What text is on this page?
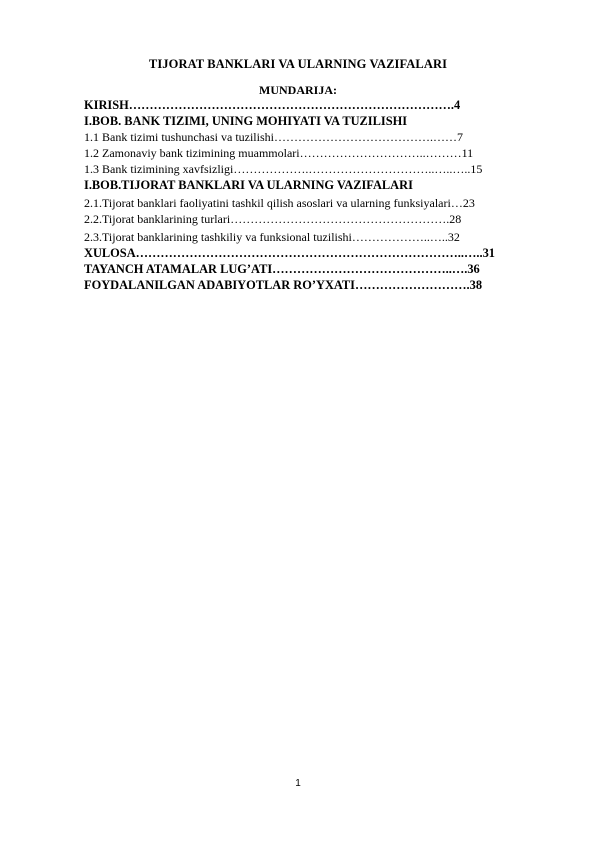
TIJORAT BANKLARI VA ULARNING VAZIFALARI
MUNDARIJA:
KIRISH…………………………………………………………………….4
I.BOB. BANK TIZIMI, UNING MOHIYATI VA TUZILISHI
1.1 Bank tizimi tushunchasi va tuzilishi………………………………….……7
1.2 Zamonaviy bank tizimining muammolari…………………………..………11
1.3 Bank tizimining xavfsizligi……………….…………………………..…..…..15
I.BOB.TIJORAT BANKLARI VA ULARNING VAZIFALARI
2.1.Tijorat banklari faoliyatini tashkil qilish asoslari va ularning funksiyalari…23
2.2.Tijorat banklarining turlari……………………………………………….28
2.3.Tijorat banklarining tashkiliy va funksional tuzilishi………………..…..32
XULOSA……………………………………………………………………..…..31
TAYANCH ATAMALAR LUG’ATI……………………………………..….36
FOYDALANILGAN ADABIYOTLAR RO’YXATI……………………….38
1
